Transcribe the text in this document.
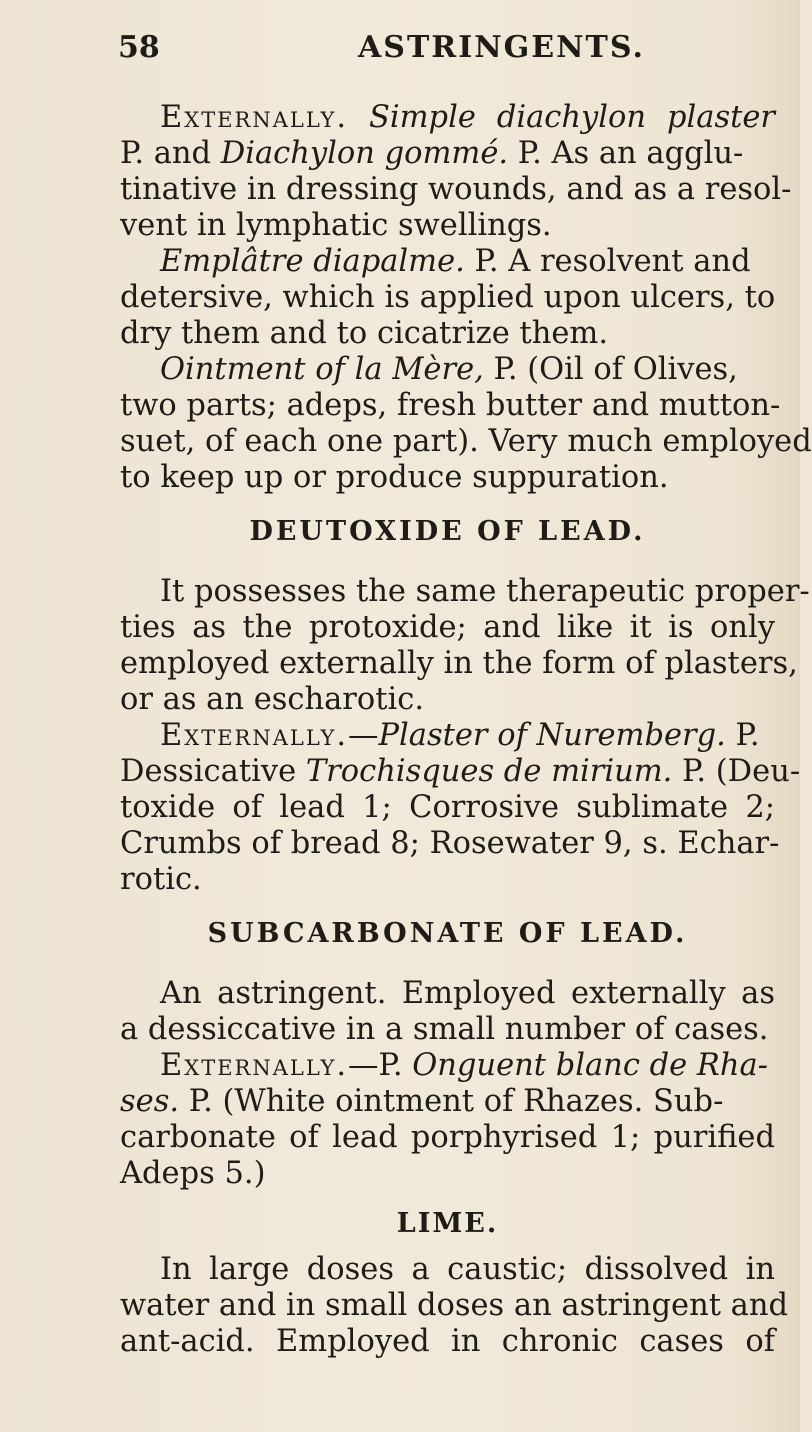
58	ASTRINGENTS.
Externally. Simple diachylon plaster
P. and Diachylon gommé. P. As an agglu-
tinative in dressing wounds, and as a resol-
vent in lymphatic swellings.
Emplâtre diapalme. P. A resolvent and
detersive, which is applied upon ulcers, to
dry them and to cicatrize them.
Ointment of la Mère, P. (Oil of Olives,
two parts; adeps, fresh butter and mutton-
suet, of each one part). Very much employed
to keep up or produce suppuration.
DEUTOXIDE OF LEAD.
It possesses the same therapeutic proper-
ties as the protoxide; and like it is only
employed externally in the form of plasters,
or as an escharotic.
Externally.—Plaster of Nuremberg. P.
Dessicative Trochisques de mirium. P. (Deu-
toxide of lead 1; Corrosive sublimate 2;
Crumbs of bread 8; Rosewater 9, s. Echar-
rotic.
SUBCARBONATE OF LEAD.
An astringent. Employed externally as
a dessiccative in a small number of cases.
Externally.—P. Onguent blanc de Rha-
ses. P. (White ointment of Rhazes. Sub-
carbonate of lead porphyrised 1; purified
Adeps 5.)
LIME.
In large doses a caustic; dissolved in
water and in small doses an astringent and
ant-acid. Employed in chronic cases of
